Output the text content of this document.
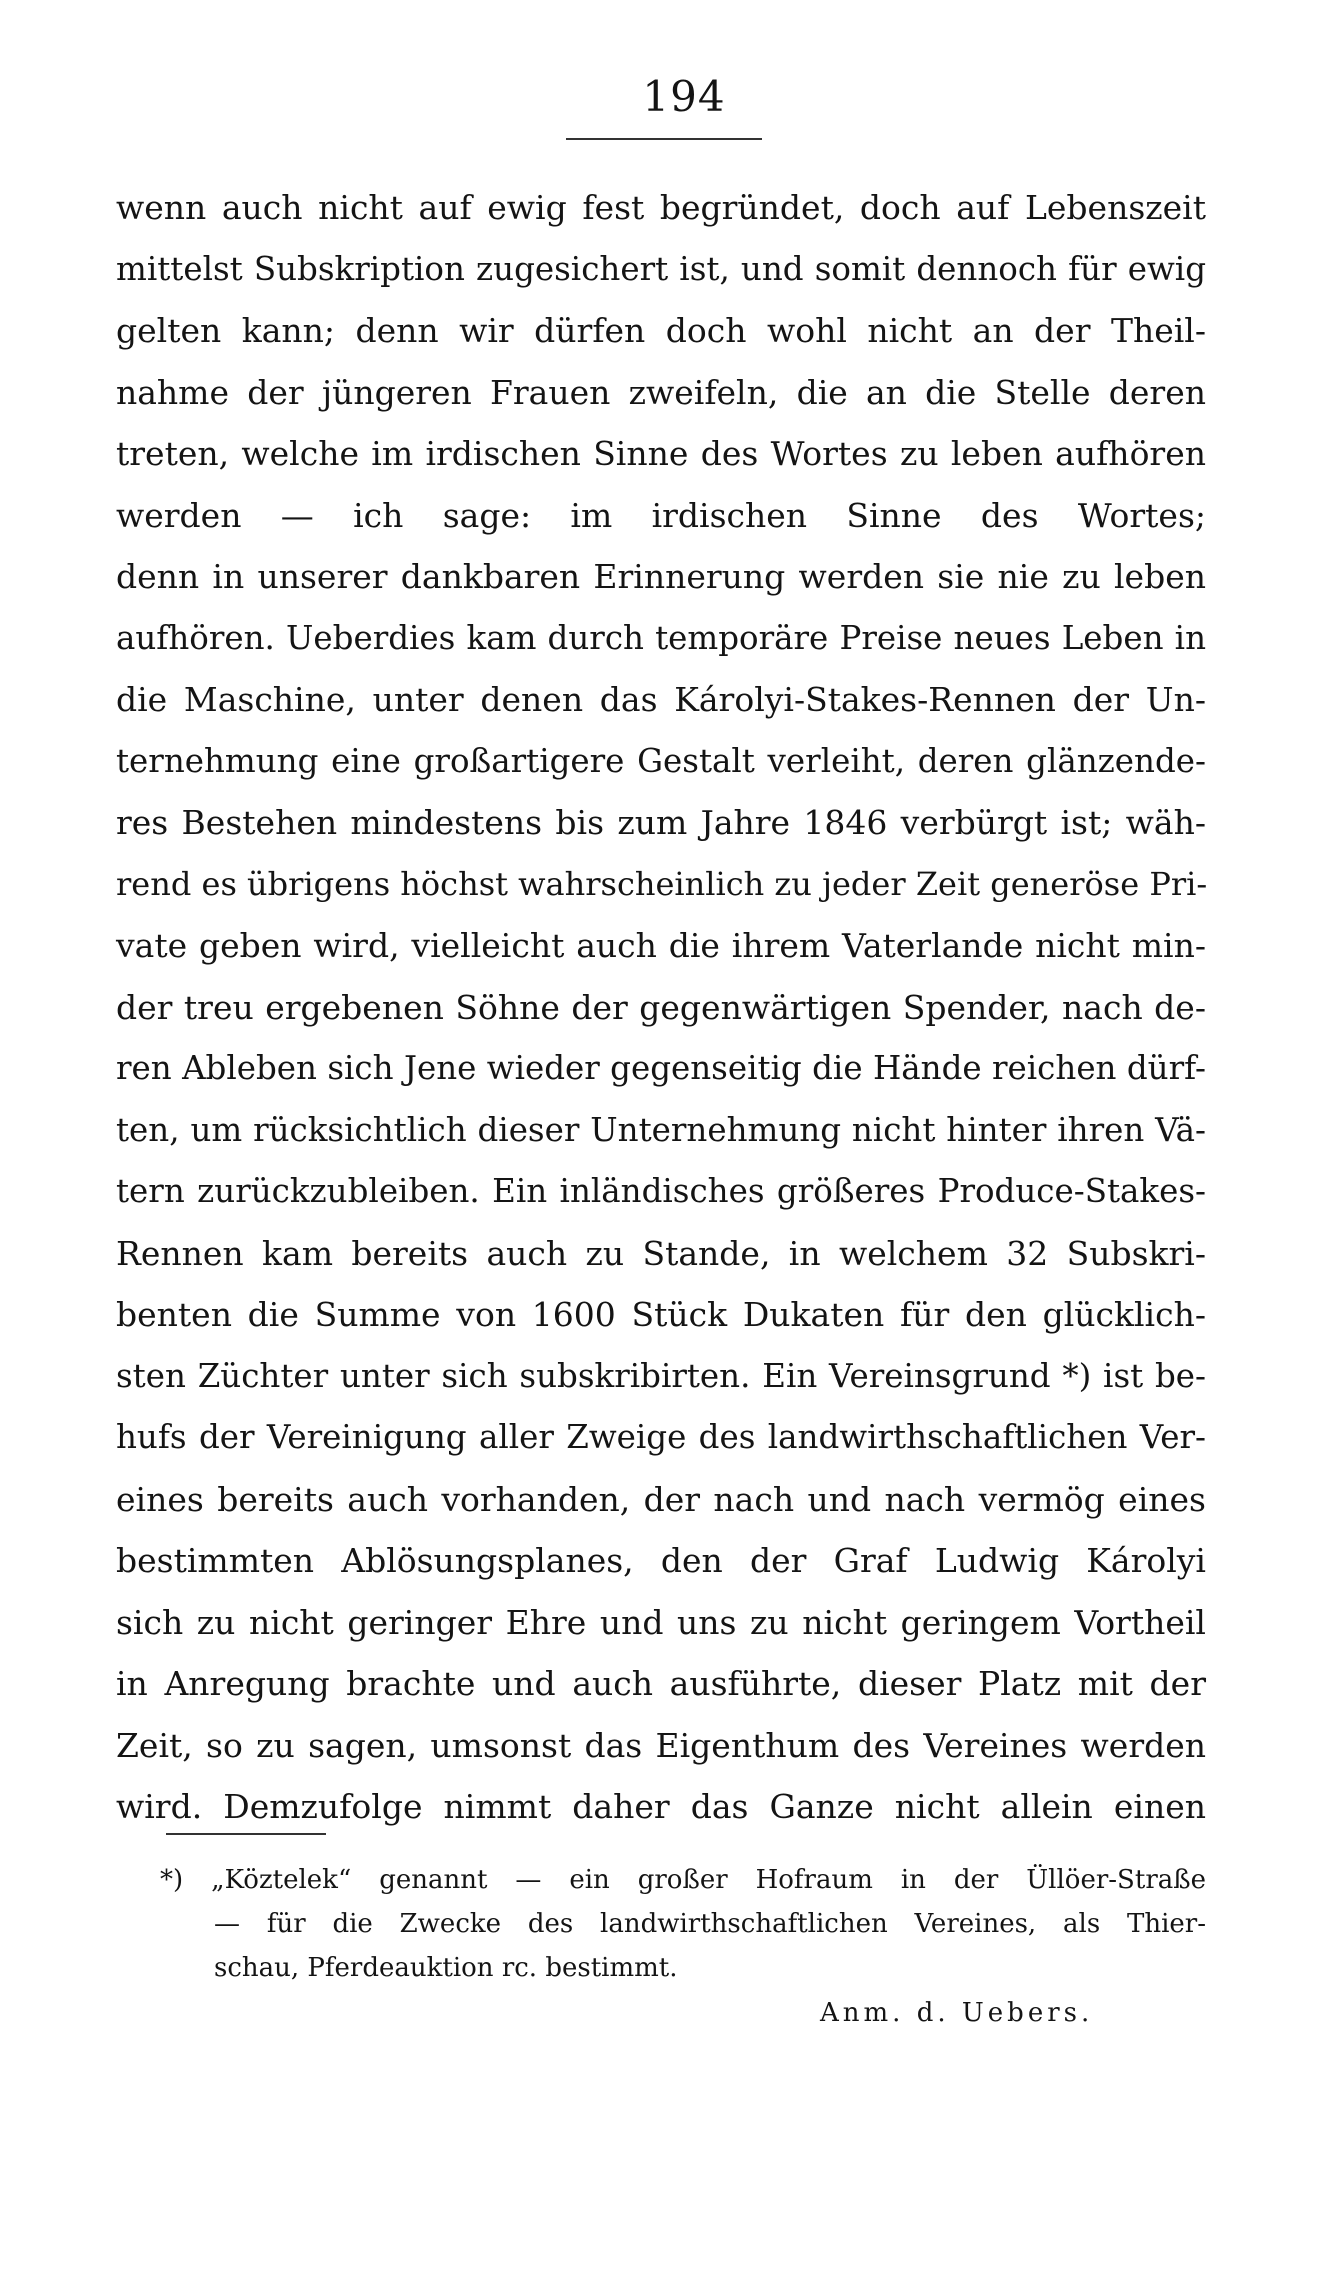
194
wenn auch nicht auf ewig fest begründet, doch auf Lebenszeit
mittelst Subskription zugesichert ist, und somit dennoch für ewig
gelten kann; denn wir dürfen doch wohl nicht an der Theil-
nahme der jüngeren Frauen zweifeln, die an die Stelle deren
treten, welche im irdischen Sinne des Wortes zu leben aufhören
werden — ich sage: im irdischen Sinne des Wortes;
denn in unserer dankbaren Erinnerung werden sie nie zu leben
aufhören. Ueberdies kam durch temporäre Preise neues Leben in
die Maschine, unter denen das Károlyi-Stakes-Rennen der Un-
ternehmung eine großartigere Gestalt verleiht, deren glänzende-
res Bestehen mindestens bis zum Jahre 1846 verbürgt ist; wäh-
rend es übrigens höchst wahrscheinlich zu jeder Zeit generöse Pri-
vate geben wird, vielleicht auch die ihrem Vaterlande nicht min-
der treu ergebenen Söhne der gegenwärtigen Spender, nach de-
ren Ableben sich Jene wieder gegenseitig die Hände reichen dürf-
ten, um rücksichtlich dieser Unternehmung nicht hinter ihren Vä-
tern zurückzubleiben. Ein inländisches größeres Produce-Stakes-
Rennen kam bereits auch zu Stande, in welchem 32 Subskri-
benten die Summe von 1600 Stück Dukaten für den glücklich-
sten Züchter unter sich subskribirten. Ein Vereinsgrund *) ist be-
hufs der Vereinigung aller Zweige des landwirthschaftlichen Ver-
eines bereits auch vorhanden, der nach und nach vermög eines
bestimmten Ablösungsplanes, den der Graf Ludwig Károlyi
sich zu nicht geringer Ehre und uns zu nicht geringem Vortheil
in Anregung brachte und auch ausführte, dieser Platz mit der
Zeit, so zu sagen, umsonst das Eigenthum des Vereines werden
wird. Demzufolge nimmt daher das Ganze nicht allein einen
*) „Köztelek“ genannt — ein großer Hofraum in der Üllöer-Straße
— für die Zwecke des landwirthschaftlichen Vereines, als Thier-
schau, Pferdeauktion rc. bestimmt.
Anm. d. Uebers.
